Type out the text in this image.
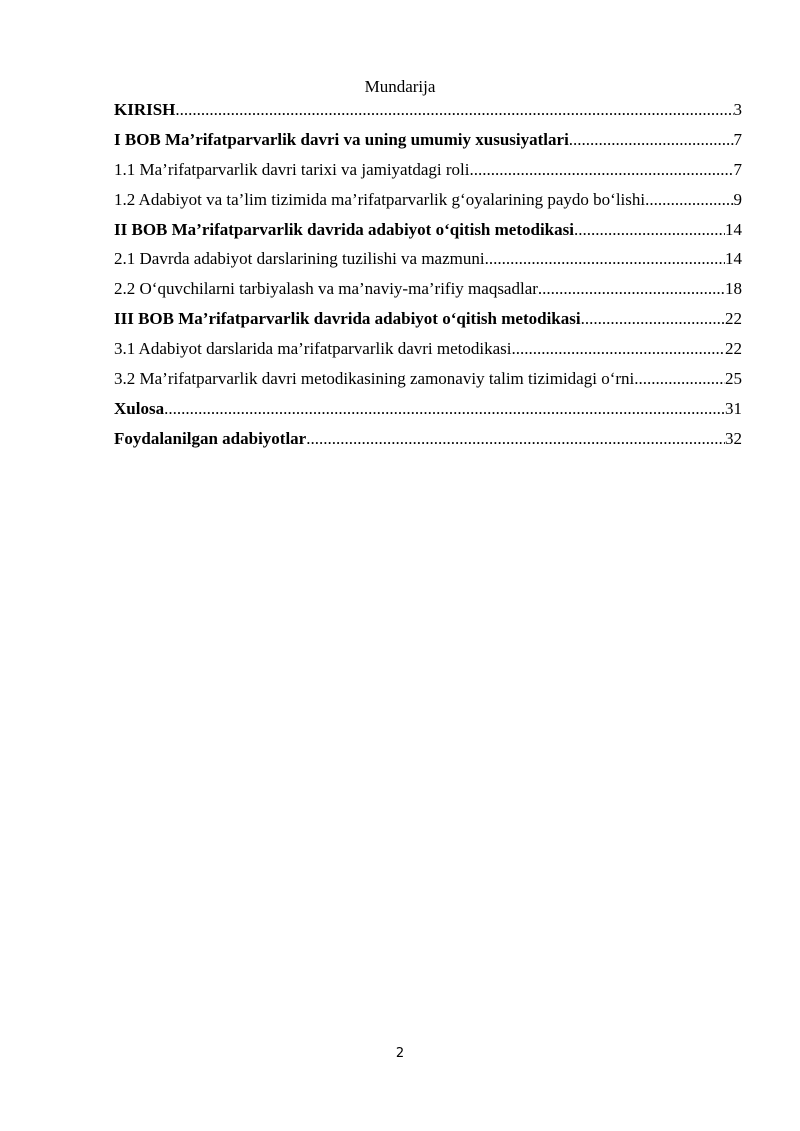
Mundarija
KIRISH .....	3
I BOB Ma’rifatparvarlik davri va uning umumiy xususiyatlari .....	7
1.1 Ma’rifatparvarlik davri tarixi va jamiyatdagi roli .....	7
1.2 Adabiyot va ta’lim tizimida ma’rifatparvarlik g‘oyalarining paydo bo‘lishi .....	9
II BOB Ma’rifatparvarlik davrida adabiyot o‘qitish metodikasi .....	14
2.1 Davrda adabiyot darslarining tuzilishi va mazmuni .....	14
2.2 O‘quvchilarni tarbiyalash va ma’naviy-ma’rifiy maqsadlar .....	18
III BOB Ma’rifatparvarlik davrida adabiyot o‘qitish metodikasi .....	22
3.1 Adabiyot darslarida ma’rifatparvarlik davri metodikasi .....	22
3.2 Ma’rifatparvarlik davri metodikasining zamonaviy talim tizimidagi o‘rni .....	25
Xulosa .....	31
Foydalanilgan adabiyotlar .....	32
2
